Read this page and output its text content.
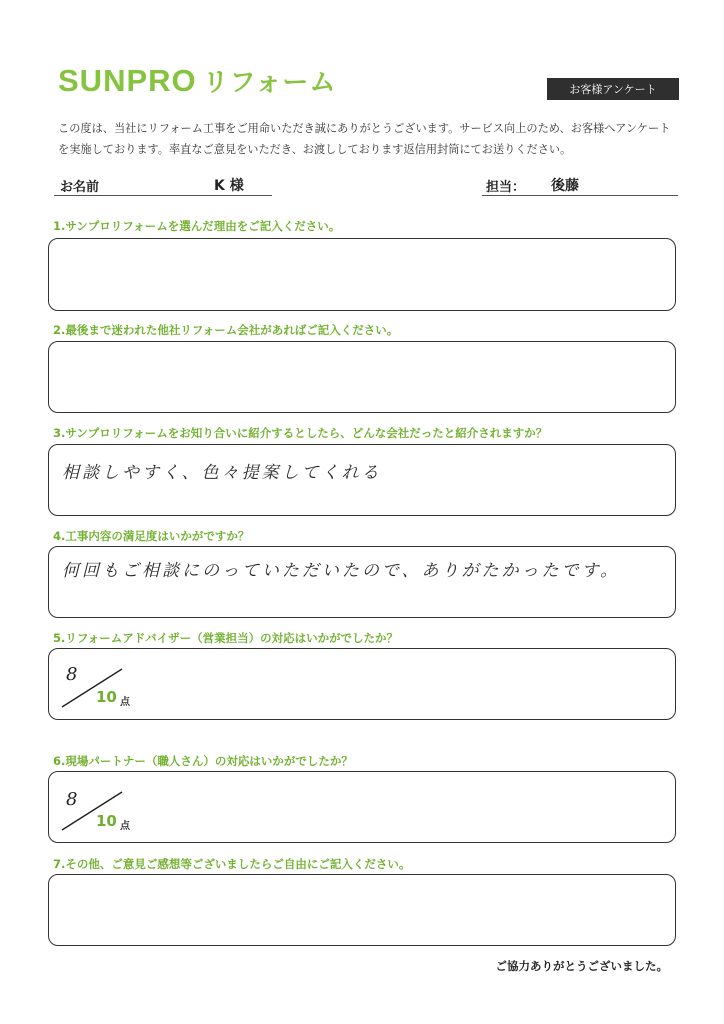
SUNPRO リフォーム	お客様アンケート
この度は、当社にリフォーム工事をご用命いただき誠にありがとうございます。サービス向上のため、お客様へアンケートを実施しております。率直なご意見をいただき、お渡ししております返信用封筒にてお送りください。
お名前	K 様	担当： 後藤
1.サンプロリフォームを選んだ理由をご記入ください。
2.最後まで迷われた他社リフォーム会社があればご記入ください。
3.サンプロリフォームをお知り合いに紹介するとしたら、どんな会社だったと紹介されますか？
相談しやすく、色々提案してくれる
4.工事内容の満足度はいかがですか？
何回もご相談にのっていただいたので、ありがたかったです。
5.リフォームアドバイザー（営業担当）の対応はいかがでしたか？
8
10 点
6.現場パートナー（職人さん）の対応はいかがでしたか？
8
10 点
7.その他、ご意見ご感想等ございましたらご自由にご記入ください。
ご協力ありがとうございました。
